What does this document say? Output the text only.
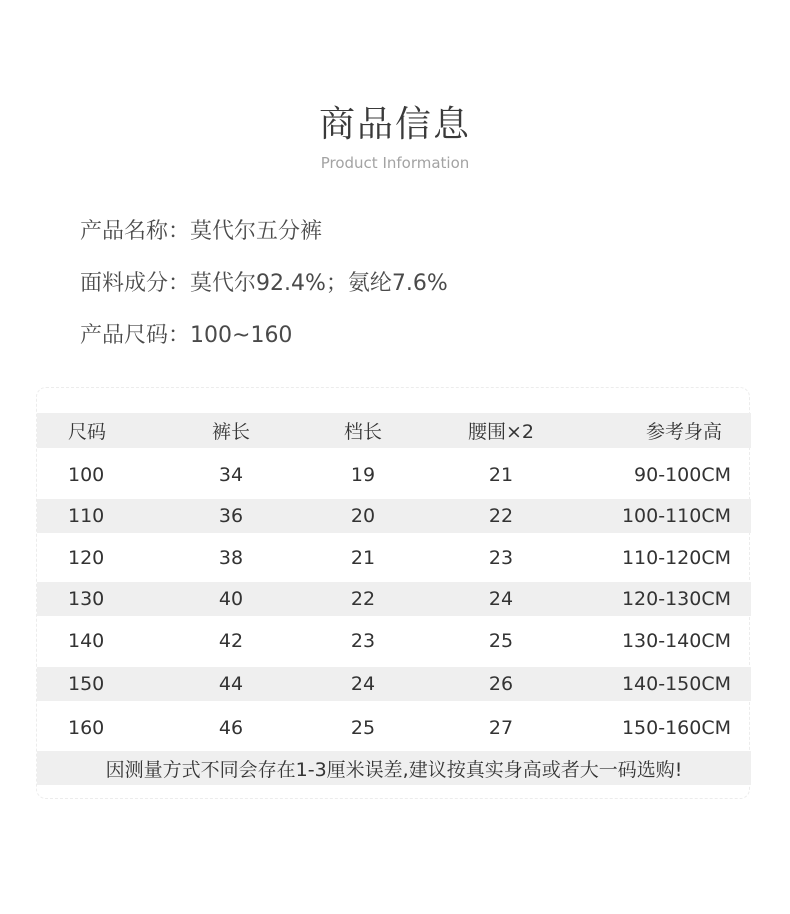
商品信息
Product Information
产品名称：莫代尔五分裤
面料成分：莫代尔92.4%；氨纶7.6%
产品尺码：100~160
尺码	裤长	档长	腰围×2	参考身高
100	34	19	21	90-100CM
110	36	20	22	100-110CM
120	38	21	23	110-120CM
130	40	22	24	120-130CM
140	42	23	25	130-140CM
150	44	24	26	140-150CM
160	46	25	27	150-160CM
因测量方式不同会存在1-3厘米误差,建议按真实身高或者大一码选购!
